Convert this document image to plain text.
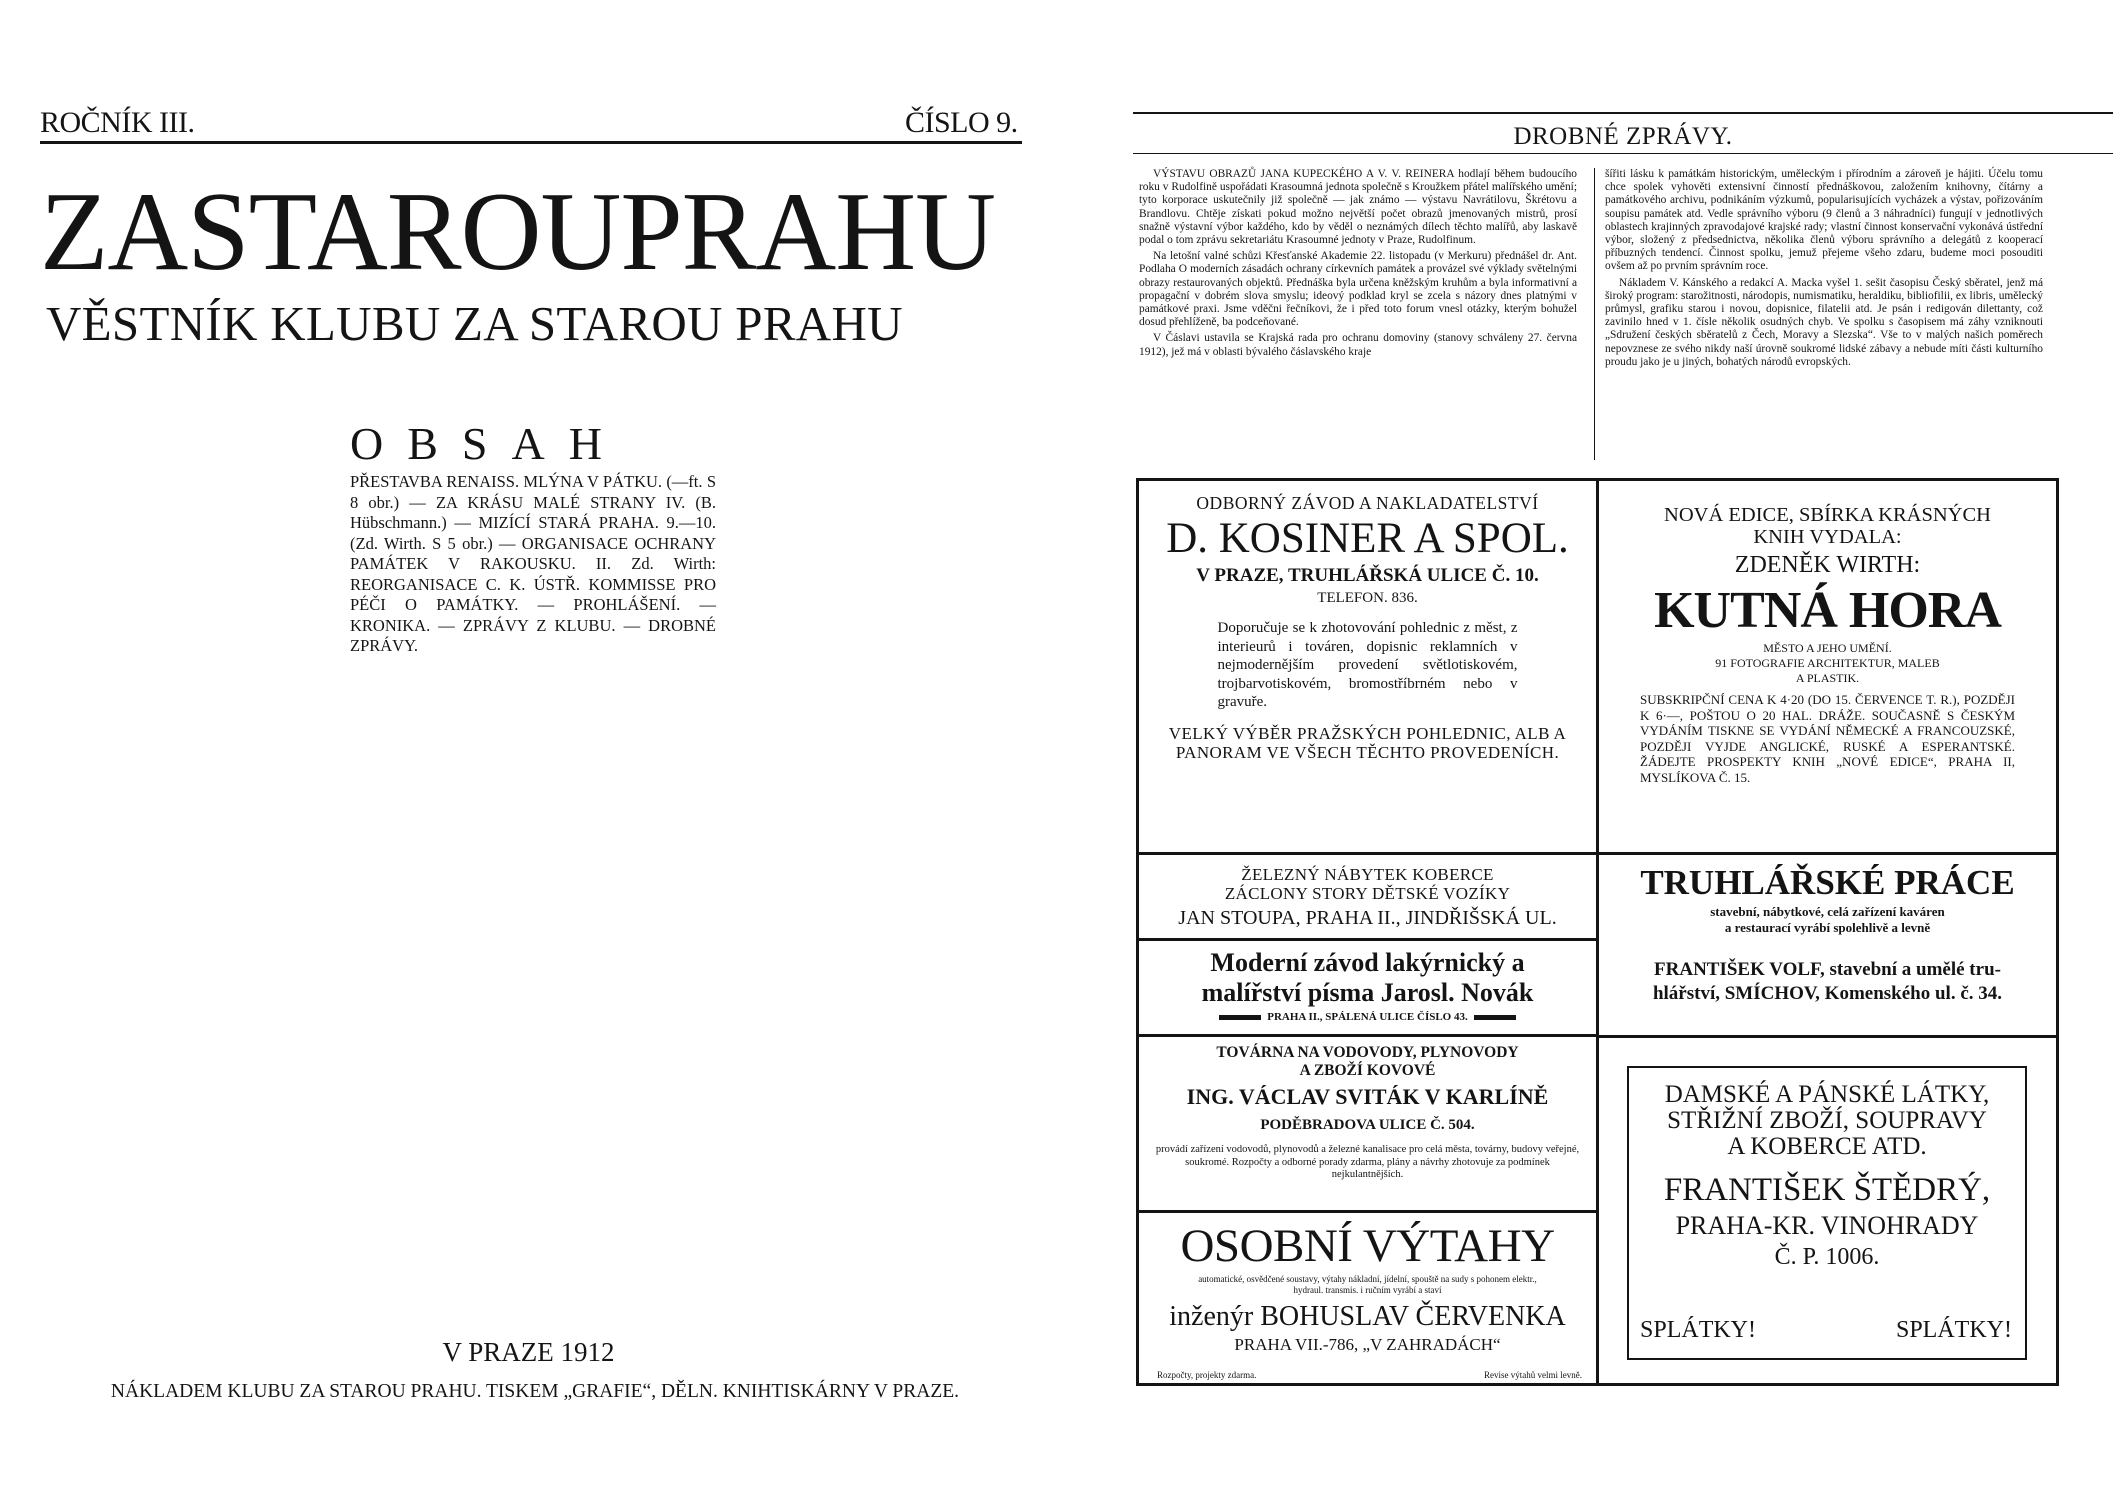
ROČNÍK III.	ČÍSLO 9.
ZASTAROUPRAHU
VĚSTNÍK KLUBU ZA STAROU PRAHU
OBSAH
PŘESTAVBA RENAISS. MLÝNA V PÁTKU. (—ft. S 8 obr.) — ZA KRÁSU MALÉ STRANY IV. (B. Hübschmann.) — MIZÍCÍ STARÁ PRAHA. 9.—10. (Zd. Wirth. S 5 obr.) — ORGANISACE OCHRANY PAMÁTEK V RAKOUSKU. II. Zd. Wirth: REORGANISACE C. K. ÚSTŘ. KOMMISSE PRO PÉČI O PAMÁTKY. — PROHLÁŠENÍ. — KRONIKA. — ZPRÁVY Z KLUBU. — DROBNÉ ZPRÁVY.
V PRAZE 1912
NÁKLADEM KLUBU ZA STAROU PRAHU. TISKEM „GRAFIE“, DĚLN. KNIHTISKÁRNY V PRAZE.
DROBNÉ ZPRÁVY.

VÝSTAVU OBRAZŮ JANA KUPECKÉHO A V. V. REINERA hodlají během budoucího roku v Rudolfině uspořádati Krasoumná jednota společně s Kroužkem přátel malířského umění; tyto korporace uskutečnily již společně — jak známo — výstavu Navrátilovu, Škrétovu a Brandlovu. Chtěje získati pokud možno největší počet obrazů jmenovaných mistrů, prosí snažně výstavní výbor každého, kdo by věděl o neznámých dílech těchto malířů, aby laskavě podal o tom zprávu sekretariátu Krasoumné jednoty v Praze, Rudolfinum.

Na letošní valné schůzi Křesťanské Akademie 22. listopadu (v Merkuru) přednášel dr. Ant. Podlaha O moderních zásadách ochrany církevních památek a provázel své výklady světelnými obrazy restaurovaných objektů. Přednáška byla určena kněžským kruhům a byla informativní a propagační v dobrém slova smyslu; ideový podklad kryl se zcela s názory dnes platnými v památkové praxi. Jsme vděčni řečníkovi, že i před toto forum vnesl otázky, kterým bohužel dosud přehlíženě, ba podceňované.

V Čáslavi ustavila se Krajská rada pro ochranu domoviny (stanovy schváleny 27. června 1912), jež má v oblasti bývalého čáslavského kraje

šířiti lásku k památkám historickým, uměleckým i přírodním a zároveň je hájiti. Účelu tomu chce spolek vyhověti extensivní činností přednáškovou, založením knihovny, čítárny a památkového archivu, podnikáním výzkumů, popularisujících vycházek a výstav, pořizováním soupisu památek atd. Vedle správního výboru (9 členů a 3 náhradníci) fungují v jednotlivých oblastech krajinných zpravodajové krajské rady; vlastní činnost konservační vykonává ústřední výbor, složený z předsednictva, několika členů výboru správního a delegátů z kooperací příbuzných tendencí. Činnost spolku, jemuž přejeme všeho zdaru, budeme moci posouditi ovšem až po prvním správním roce.

Nákladem V. Kánského a redakcí A. Macka vyšel 1. sešit časopisu Český sběratel, jenž má široký program: starožitnosti, národopis, numismatiku, heraldiku, bibliofilii, ex libris, umělecký průmysl, grafiku starou i novou, dopisnice, filatelii atd. Je psán i redigován dilettanty, což zavinilo hned v 1. čísle několik osudných chyb. Ve spolku s časopisem má záhy vzniknouti „Sdružení českých sběratelů z Čech, Moravy a Slezska“. Vše to v malých našich poměrech nepovznese ze svého nikdy naší úrovně soukromé lidské zábavy a nebude míti části kulturního proudu jako je u jiných, bohatých národů evropských.

ODBORNÝ ZÁVOD A NAKLADATELSTVÍ
D. KOSINER A SPOL.
V PRAZE, TRUHLÁŘSKÁ ULICE Č. 10.
TELEFON. 836.

Doporučuje se k zhotovování pohlednic z měst, z interieurů i továren, dopisnic reklamních v nejmodernějším provedení světlotiskovém, trojbarvotiskovém, bromostříbrném nebo v gravuře.

VELKÝ VÝBĚR PRAŽSKÝCH POHLEDNIC, ALB A PANORAM VE VŠECH TĚCHTO PROVEDENÍCH.

NOVÁ EDICE, SBÍRKA KRÁSNÝCH
KNIH VYDALA:
ZDENĚK WIRTH:
KUTNÁ HORA
MĚSTO A JEHO UMĚNÍ.
91 FOTOGRAFIE ARCHITEKTUR, MALEB
A PLASTIK.

SUBSKRIPČNÍ CENA K 4·20 (DO 15. ČERVENCE T. R.), POZDĚJI K 6·—, POŠTOU O 20 HAL. DRÁŽE. SOUČASNĚ S ČESKÝM VYDÁNÍM TISKNE SE VYDÁNÍ NĚMECKÉ A FRANCOUZSKÉ, POZDĚJI VYJDE ANGLICKÉ, RUSKÉ A ESPERANTSKÉ. ŽÁDEJTE PROSPEKTY KNIH „NOVÉ EDICE“, PRAHA II, MYSLÍKOVA Č. 15.

ŽELEZNÝ NÁBYTEK KOBERCE
ZÁCLONY STORY DĚTSKÉ VOZÍKY
JAN STOUPA, PRAHA II., JINDŘIŠSKÁ UL.
Moderní závod lakýrnický a
malířství písma Jarosl. Novák
PRAHA II., SPÁLENÁ ULICE ČÍSLO 43.
TOVÁRNA NA VODOVODY, PLYNOVODY
A ZBOŽÍ KOVOVÉ
ING. VÁCLAV SVITÁK V KARLÍNĚ
PODĚBRADOVA ULICE Č. 504.

provádí zařízení vodovodů, plynovodů a železné kanalisace pro celá města, továrny, budovy veřejné, soukromé. Rozpočty a odborné porady zdarma, plány a návrhy zhotovuje za podmínek nejkulantnějších.

OSOBNÍ VÝTAHY

automatické, osvědčené soustavy, výtahy nákladní, jídelní, spouště na sudy s pohonem elektr., hydraul. transmis. i ručním vyrábí a staví

inženýr BOHUSLAV ČERVENKA
PRAHA VII.-786, „V ZAHRADÁCH“
Rozpočty, projekty zdarma.	Revise výtahů velmi levně.
TRUHLÁŘSKÉ PRÁCE
stavební, nábytkové, celá zařízení kaváren
a restaurací vyrábí spolehlivě a levně
FRANTIŠEK VOLF, stavební a umělé tru-
hlářství, SMÍCHOV, Komenského ul. č. 34.
DAMSKÉ A PÁNSKÉ LÁTKY,
STŘIŽNÍ ZBOŽÍ, SOUPRAVY
A KOBERCE ATD.
FRANTIŠEK ŠTĚDRÝ,
PRAHA-KR. VINOHRADY
Č. P. 1006.
SPLÁTKY!	SPLÁTKY!
